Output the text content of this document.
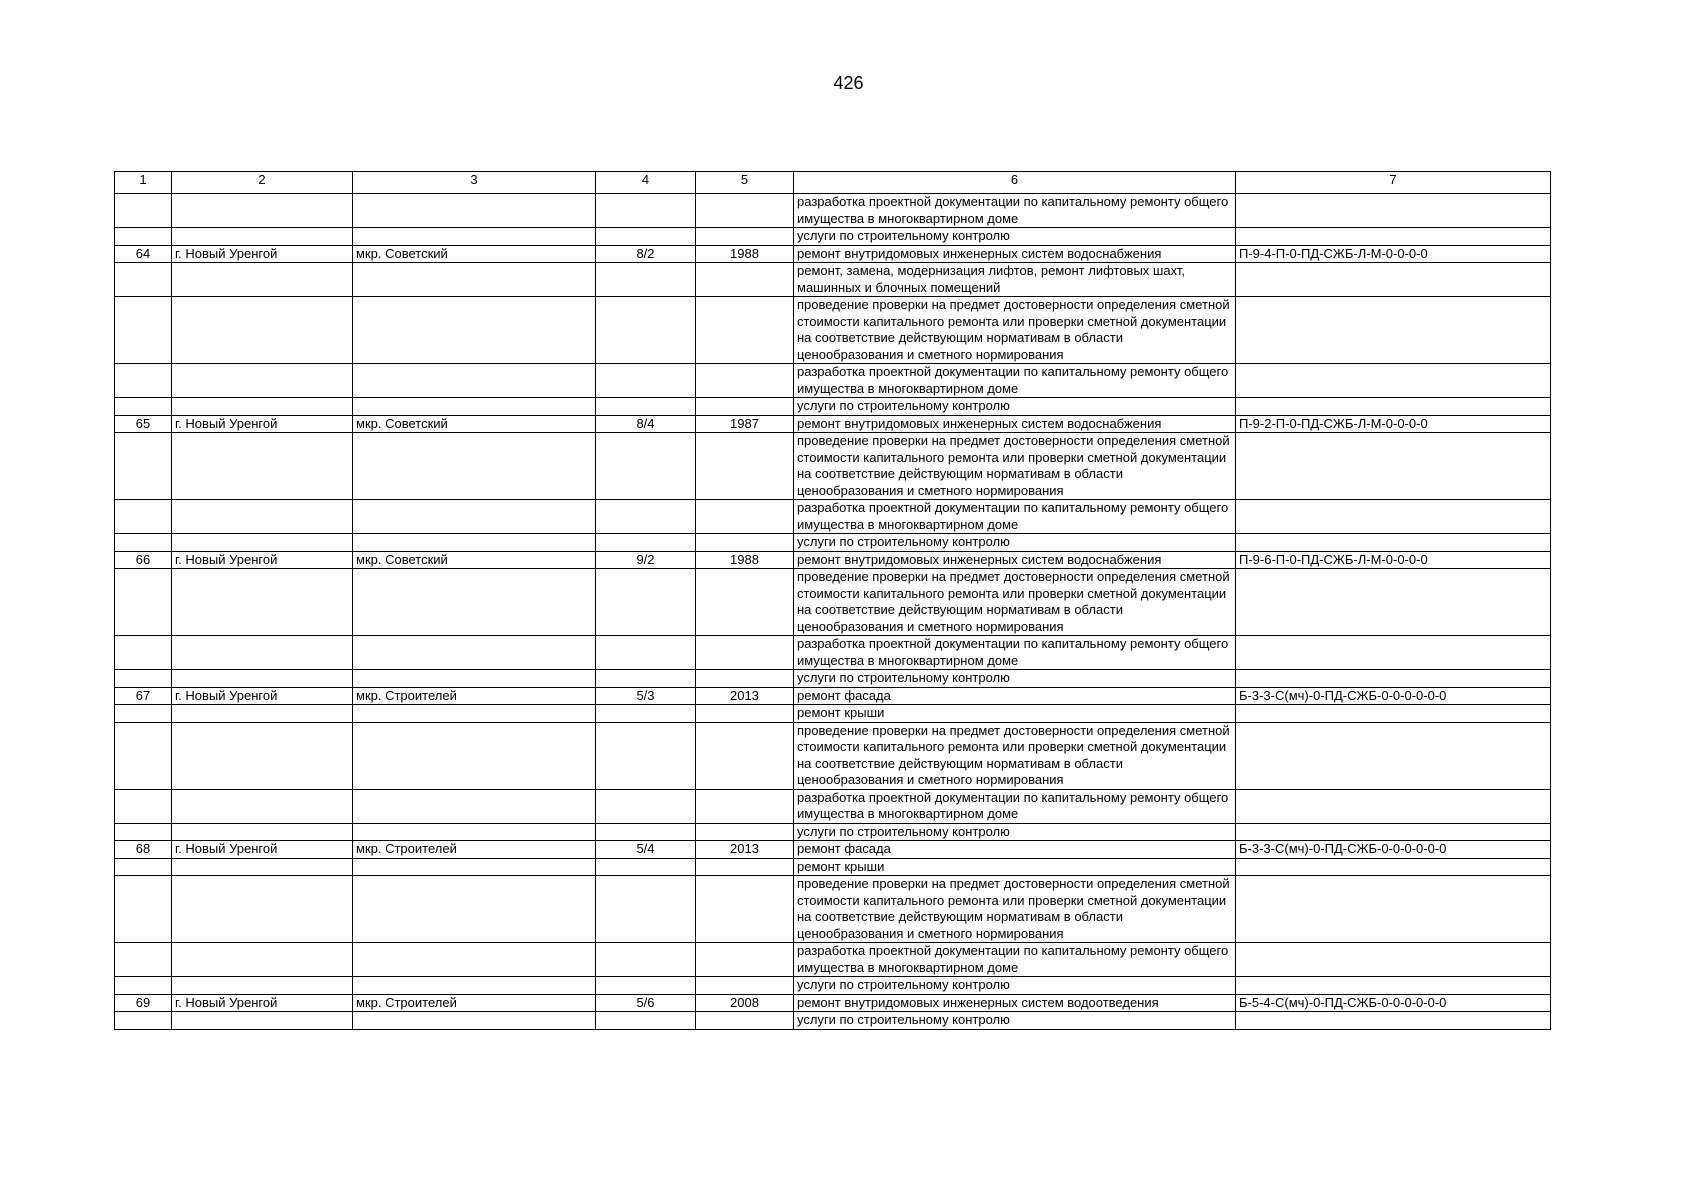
426
1	2	3	4	5	6	7
					разработка проектной документации по капитальному ремонту общего имущества в многоквартирном доме	
					услуги по строительному контролю	
64	г. Новый Уренгой	мкр. Советский	8/2	1988	ремонт внутридомовых инженерных систем водоснабжения	П-9-4-П-0-ПД-СЖБ-Л-М-0-0-0-0
					ремонт, замена, модернизация лифтов, ремонт лифтовых шахт, машинных и блочных помещений	
					проведение проверки на предмет достоверности определения сметной стоимости капитального ремонта или проверки сметной документации на соответствие действующим нормативам в области ценообразования и сметного нормирования	
					разработка проектной документации по капитальному ремонту общего имущества в многоквартирном доме	
					услуги по строительному контролю	
65	г. Новый Уренгой	мкр. Советский	8/4	1987	ремонт внутридомовых инженерных систем водоснабжения	П-9-2-П-0-ПД-СЖБ-Л-М-0-0-0-0
					проведение проверки на предмет достоверности определения сметной стоимости капитального ремонта или проверки сметной документации на соответствие действующим нормативам в области ценообразования и сметного нормирования	
					разработка проектной документации по капитальному ремонту общего имущества в многоквартирном доме	
					услуги по строительному контролю	
66	г. Новый Уренгой	мкр. Советский	9/2	1988	ремонт внутридомовых инженерных систем водоснабжения	П-9-6-П-0-ПД-СЖБ-Л-М-0-0-0-0
					проведение проверки на предмет достоверности определения сметной стоимости капитального ремонта или проверки сметной документации на соответствие действующим нормативам в области ценообразования и сметного нормирования	
					разработка проектной документации по капитальному ремонту общего имущества в многоквартирном доме	
					услуги по строительному контролю	
67	г. Новый Уренгой	мкр. Строителей	5/3	2013	ремонт фасада	Б-3-3-С(мч)-0-ПД-СЖБ-0-0-0-0-0-0
					ремонт крыши	
					проведение проверки на предмет достоверности определения сметной стоимости капитального ремонта или проверки сметной документации на соответствие действующим нормативам в области ценообразования и сметного нормирования	
					разработка проектной документации по капитальному ремонту общего имущества в многоквартирном доме	
					услуги по строительному контролю	
68	г. Новый Уренгой	мкр. Строителей	5/4	2013	ремонт фасада	Б-3-3-С(мч)-0-ПД-СЖБ-0-0-0-0-0-0
					ремонт крыши	
					проведение проверки на предмет достоверности определения сметной стоимости капитального ремонта или проверки сметной документации на соответствие действующим нормативам в области ценообразования и сметного нормирования	
					разработка проектной документации по капитальному ремонту общего имущества в многоквартирном доме	
					услуги по строительному контролю	
69	г. Новый Уренгой	мкр. Строителей	5/6	2008	ремонт внутридомовых инженерных систем водоотведения	Б-5-4-С(мч)-0-ПД-СЖБ-0-0-0-0-0-0
					услуги по строительному контролю	
